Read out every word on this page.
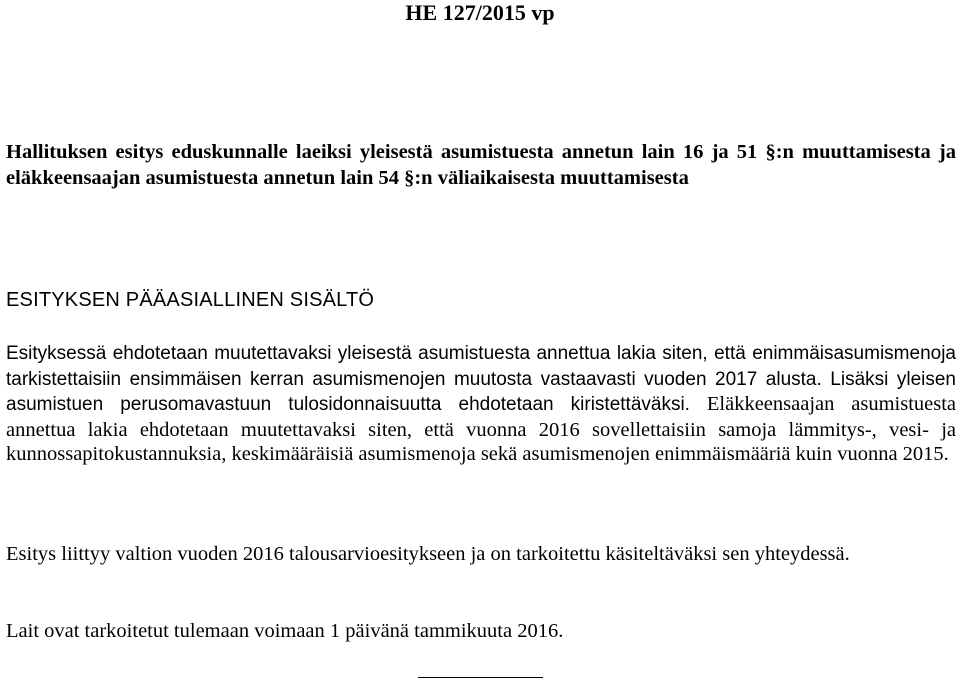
HE 127/2015 vp
Hallituksen esitys eduskunnalle laeiksi yleisestä asumistuesta annetun lain 16 ja 51 §:n muuttamisesta ja eläkkeensaajan asumistuesta annetun lain 54 §:n väliaikaisesta muuttamisesta
ESITYKSEN PÄÄASIALLINEN SISÄLTÖ

Esityksessä ehdotetaan muutettavaksi yleisestä asumistuesta annettua lakia siten, että enimmäisasumismenoja tarkistettaisiin ensimmäisen kerran asumismenojen muutosta vastaavasti vuoden 2017 alusta. Lisäksi yleisen asumistuen perusomavastuun tulosidonnaisuutta ehdotetaan kiristettäväksi. Eläkkeensaajan asumistuesta annettua lakia ehdotetaan muutettavaksi siten, että vuonna 2016 sovellettaisiin samoja lämmitys-, vesi- ja kunnossapitokustannuksia, keskimääräisiä asumismenoja sekä asumismenojen enimmäismääriä kuin vuonna 2015.

Esitys liittyy valtion vuoden 2016 talousarvioesitykseen ja on tarkoitettu käsiteltäväksi sen yhteydessä.

Lait ovat tarkoitetut tulemaan voimaan 1 päivänä tammikuuta 2016.
